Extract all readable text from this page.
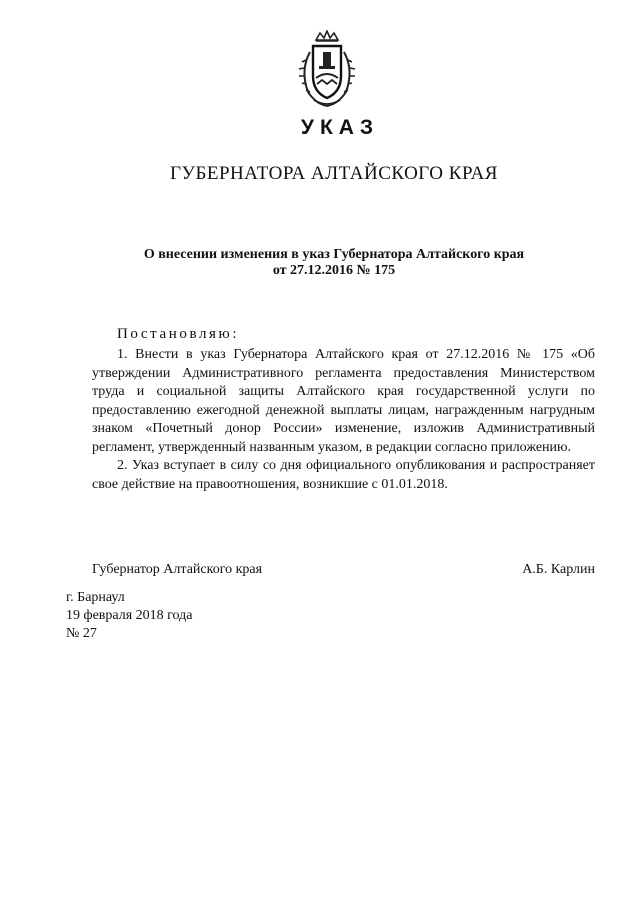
УКАЗ
ГУБЕРНАТОРА АЛТАЙСКОГО КРАЯ
О внесении изменения в указ Губернатора Алтайского края
от 27.12.2016 № 175
Постановляю:

1. Внести в указ Губернатора Алтайского края от 27.12.2016 № 175 «Об утверждении Административного регламента предоставления Министерством труда и социальной защиты Алтайского края государственной услуги по предоставлению ежегодной денежной выплаты лицам, награжденным нагрудным знаком «Почетный донор России» изменение, изложив Административный регламент, утвержденный названным указом, в редакции согласно приложению.

2. Указ вступает в силу со дня официального опубликования и распространяет свое действие на правоотношения, возникшие с 01.01.2018.

Губернатор Алтайского края	А.Б. Карлин
г. Барнаул
19 февраля 2018 года
№ 27
